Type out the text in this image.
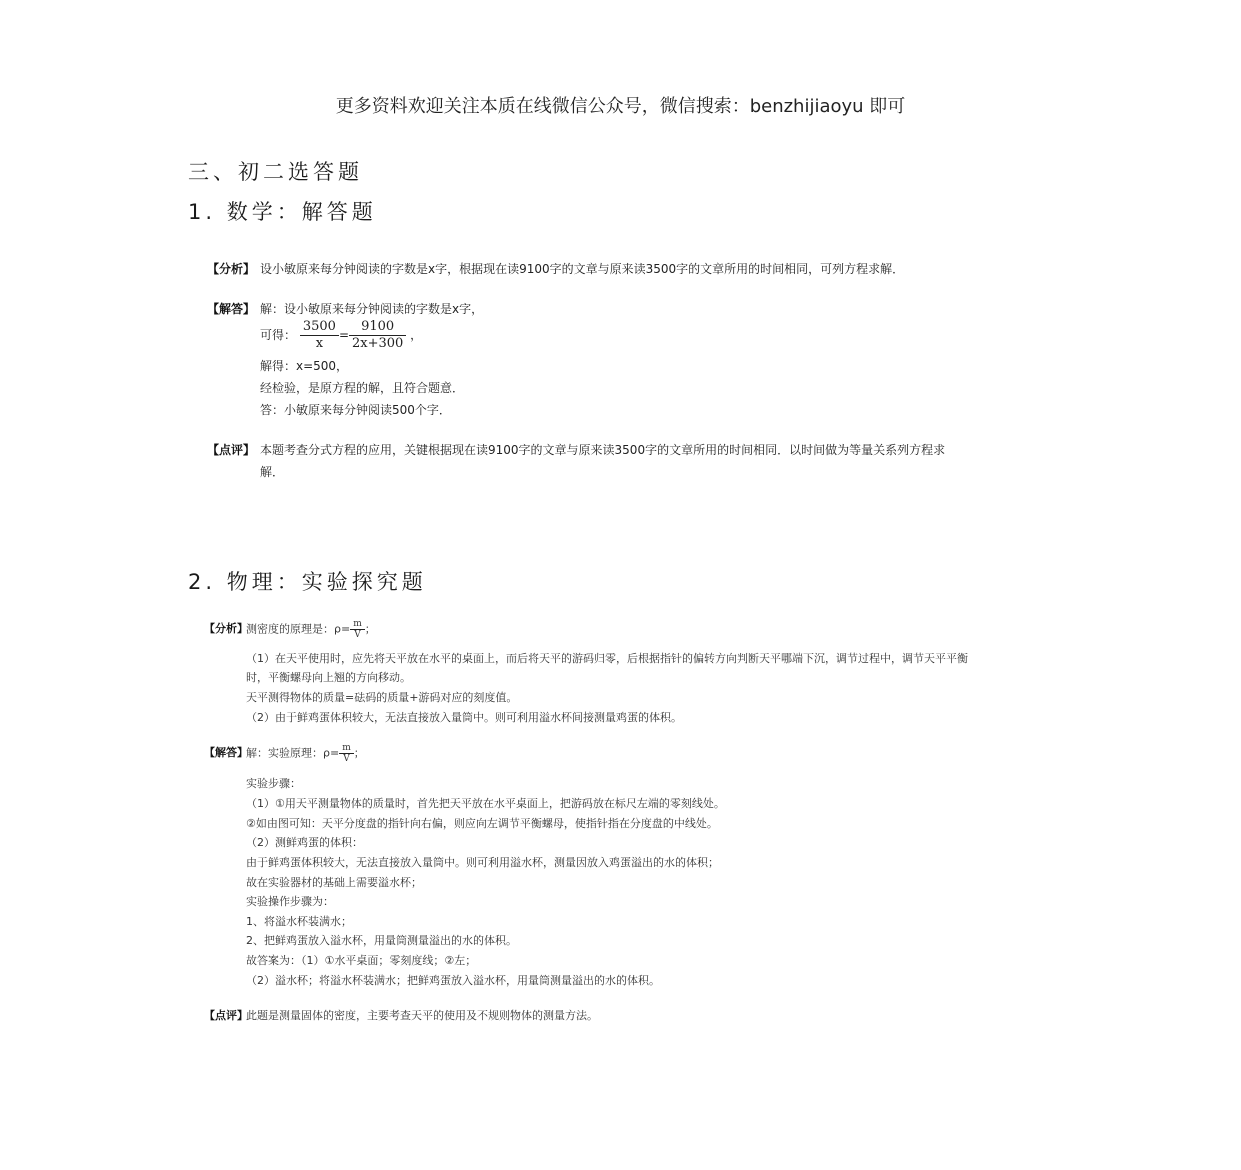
更多资料欢迎关注本质在线微信公众号，微信搜索：benzhijiaoyu 即可
三、初二选答题
1. 数学：解答题
【分析】 设小敏原来每分钟阅读的字数是x字，根据现在读9100字的文章与原来读3500字的文章所用的时间相同，可列方程求解．
【解答】 解：设小敏原来每分钟阅读的字数是x字，
可得： $\frac{3500}{x} = \frac{9100}{2x+300}$ ，
解得：x=500，
经检验，是原方程的解，且符合题意．
答：小敏原来每分钟阅读500个字．
【点评】 本题考查分式方程的应用，关键根据现在读9100字的文章与原来读3500字的文章所用的时间相同．以时间做为等量关系列方程求
解．
2. 物理：实验探究题
【分析】
测密度的原理是：$\rho= \frac{m}{V}$ ；
（1）在天平使用时，应先将天平放在水平的桌面上，而后将天平的游码归零，后根据指针的偏转方向判断天平哪端下沉，调节过程中，调节天平平衡
时，平衡螺母向上翘的方向移动。
天平测得物体的质量=砝码的质量+游码对应的刻度值。
（2）由于鲜鸡蛋体积较大，无法直接放入量筒中。则可利用溢水杯间接测量鸡蛋的体积。
【解答】
解：实验原理：$\rho= \frac{m}{V}$ ；
实验步骤：
（1）①用天平测量物体的质量时，首先把天平放在水平桌面上，把游码放在标尺左端的零刻线处。
②如由图可知：天平分度盘的指针向右偏，则应向左调节平衡螺母，使指针指在分度盘的中线处。
（2）测鲜鸡蛋的体积：
由于鲜鸡蛋体积较大，无法直接放入量筒中。则可利用溢水杯，测量因放入鸡蛋溢出的水的体积；
故在实验器材的基础上需要溢水杯；
实验操作步骤为：
1、将溢水杯装满水；
2、把鲜鸡蛋放入溢水杯，用量筒测量溢出的水的体积。
故答案为：（1）①水平桌面；零刻度线；②左；
（2）溢水杯；将溢水杯装满水；把鲜鸡蛋放入溢水杯，用量筒测量溢出的水的体积。
【点评】
此题是测量固体的密度，主要考查天平的使用及不规则物体的测量方法。
